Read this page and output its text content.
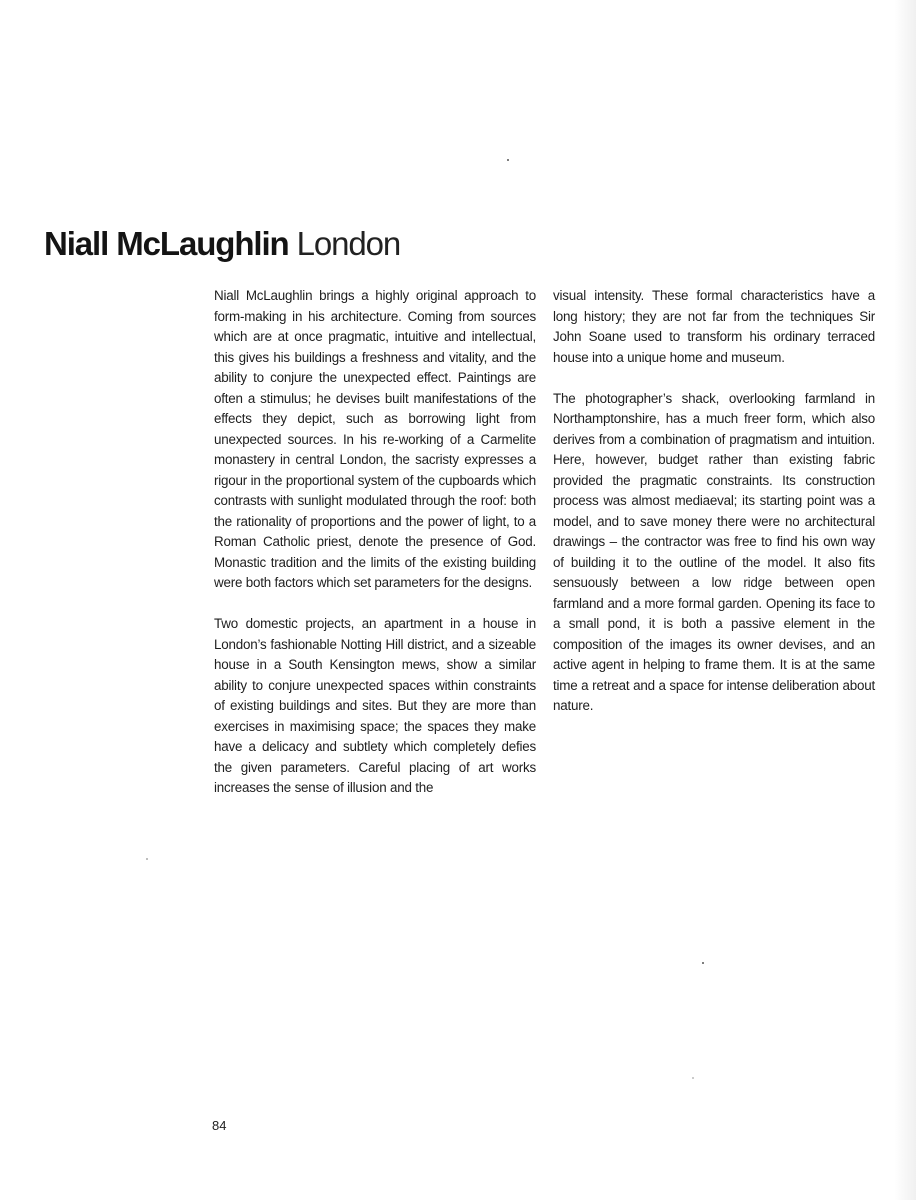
Niall McLaughlin London

Niall McLaughlin brings a highly original approach to form-making in his architecture. Coming from sources which are at once pragmatic, intuitive and intellectual, this gives his buildings a freshness and vitality, and the ability to conjure the unexpected effect. Paintings are often a stimulus; he devises built manifestations of the effects they depict, such as borrowing light from unexpected sources. In his re-working of a Carmelite monastery in central London, the sacristy expresses a rigour in the proportional system of the cupboards which contrasts with sunlight modulated through the roof: both the rationality of proportions and the power of light, to a Roman Catholic priest, denote the presence of God. Monastic tradition and the limits of the existing building were both factors which set parameters for the designs.

Two domestic projects, an apartment in a house in London’s fashionable Notting Hill district, and a sizeable house in a South Kensington mews, show a similar ability to conjure unexpected spaces within constraints of existing buildings and sites. But they are more than exercises in maximising space; the spaces they make have a delicacy and subtlety which completely defies the given parameters. Careful placing of art works increases the sense of illusion and the

visual intensity. These formal characteristics have a long history; they are not far from the techniques Sir John Soane used to transform his ordinary terraced house into a unique home and museum.

The photographer’s shack, overlooking farmland in Northamptonshire, has a much freer form, which also derives from a combination of pragmatism and intuition. Here, however, budget rather than existing fabric provided the pragmatic constraints. Its construction process was almost mediaeval; its starting point was a model, and to save money there were no architectural drawings – the contractor was free to find his own way of building it to the outline of the model. It also fits sensuously between a low ridge between open farmland and a more formal garden. Opening its face to a small pond, it is both a passive element in the composition of the images its owner devises, and an active agent in helping to frame them. It is at the same time a retreat and a space for intense deliberation about nature.

84
